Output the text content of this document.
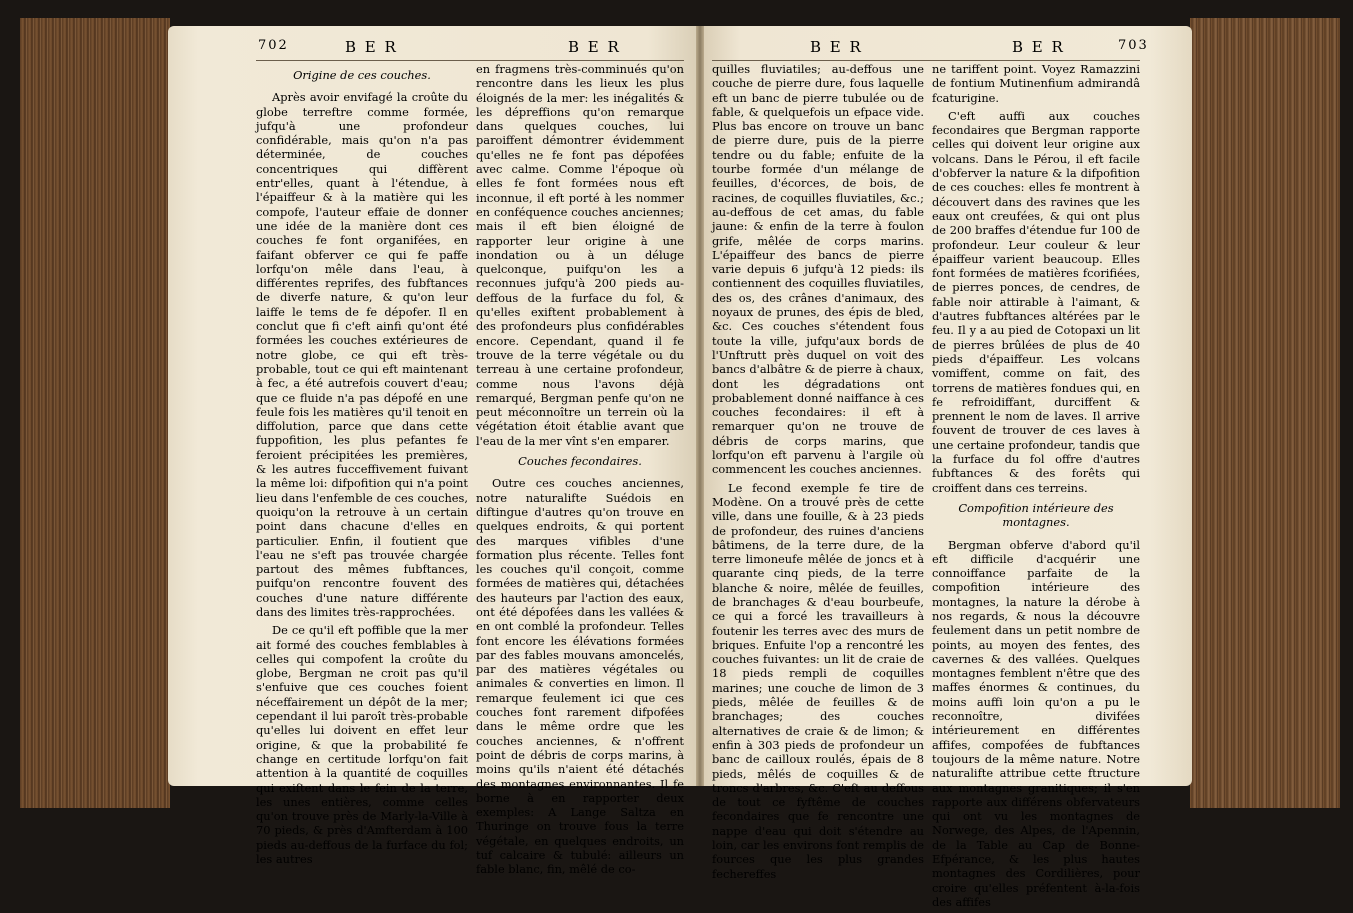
702	B E R	B E R	B E R	B E R	703

Origine de ces couches.

Après avoir envifagé la croûte du globe terreftre comme formée, jufqu'à une profondeur confidérable, mais qu'on n'a pas déterminée, de couches concentriques qui diffèrent entr'elles, quant à l'étendue, à l'épaiffeur & à la matière qui les compofe, l'auteur effaie de donner une idée de la manière dont ces couches fe font organifées, en faifant obferver ce qui fe paffe lorfqu'on mêle dans l'eau, à différentes reprifes, des fubftances de diverfe nature, & qu'on leur laiffe le tems de fe dépofer. Il en conclut que fi c'eft ainfi qu'ont été formées les couches extérieures de notre globe, ce qui eft très-probable, tout ce qui eft maintenant à fec, a été autrefois couvert d'eau; que ce fluide n'a pas dépofé en une feule fois les matières qu'il tenoit en diffolution, parce que dans cette fuppofition, les plus pefantes fe feroient précipitées les premières, & les autres fucceffivement fuivant la même loi: difpofition qui n'a point lieu dans l'enfemble de ces couches, quoiqu'on la retrouve à un certain point dans chacune d'elles en particulier. Enfin, il foutient que l'eau ne s'eft pas trouvée chargée partout des mêmes fubftances, puifqu'on rencontre fouvent des couches d'une nature différente dans des limites très-rapprochées.

De ce qu'il eft poffible que la mer ait formé des couches femblables à celles qui compofent la croûte du globe, Bergman ne croit pas qu'il s'enfuive que ces couches foient néceffairement un dépôt de la mer; cependant il lui paroît très-probable qu'elles lui doivent en effet leur origine, & que la probabilité fe change en certitude lorfqu'on fait attention à la quantité de coquilles qui exiftent dans le fein de la terre, les unes entières, comme celles qu'on trouve près de Marly-la-Ville à 70 pieds, & près d'Amfterdam à 100 pieds au-deffous de la furface du fol; les autres

en fragmens très-comminués qu'on rencontre dans les lieux les plus éloignés de la mer: les inégalités & les dépreffions qu'on remarque dans quelques couches, lui paroiffent démontrer évidemment qu'elles ne fe font pas dépofées avec calme. Comme l'époque où elles fe font formées nous eft inconnue, il eft porté à les nommer en conféquence couches anciennes; mais il eft bien éloigné de rapporter leur origine à une inondation ou à un déluge quelconque, puifqu'on les a reconnues jufqu'à 200 pieds au-deffous de la furface du fol, & qu'elles exiftent probablement à des profondeurs plus confidérables encore. Cependant, quand il fe trouve de la terre végétale ou du terreau à une certaine profondeur, comme nous l'avons déjà remarqué, Bergman penfe qu'on ne peut méconnoître un terrein où la végétation étoit établie avant que l'eau de la mer vînt s'en emparer.

Couches fecondaires.

Outre ces couches anciennes, notre naturalifte Suédois en diftingue d'autres qu'on trouve en quelques endroits, & qui portent des marques vifibles d'une formation plus récente. Telles font les couches qu'il conçoit, comme formées de matières qui, détachées des hauteurs par l'action des eaux, ont été dépofées dans les vallées & en ont comblé la profondeur. Telles font encore les élévations formées par des fables mouvans amoncelés, par des matières végétales ou animales & converties en limon. Il remarque feulement ici que ces couches font rarement difpofées dans le même ordre que les couches anciennes, & n'offrent point de débris de corps marins, à moins qu'ils n'aient été détachés des montagnes environnantes. Il fe borne à en rapporter deux exemples: A Lange Saltza en Thuringe on trouve fous la terre végétale, en quelques endroits, un tuf calcaire & tubulé: ailleurs un fable blanc, fin, mêlé de co-

quilles fluviatiles; au-deffous une couche de pierre dure, fous laquelle eft un banc de pierre tubulée ou de fable, & quelquefois un efpace vide. Plus bas encore on trouve un banc de pierre dure, puis de la pierre tendre ou du fable; enfuite de la tourbe formée d'un mélange de feuilles, d'écorces, de bois, de racines, de coquilles fluviatiles, &c.; au-deffous de cet amas, du fable jaune: & enfin de la terre à foulon grife, mêlée de corps marins. L'épaiffeur des bancs de pierre varie depuis 6 jufqu'à 12 pieds: ils contiennent des coquilles fluviatiles, des os, des crânes d'animaux, des noyaux de prunes, des épis de bled, &c. Ces couches s'étendent fous toute la ville, jufqu'aux bords de l'Unftrutt près duquel on voit des bancs d'albâtre & de pierre à chaux, dont les dégradations ont probablement donné naiffance à ces couches fecondaires: il eft à remarquer qu'on ne trouve de débris de corps marins, que lorfqu'on eft parvenu à l'argile où commencent les couches anciennes.

Le fecond exemple fe tire de Modène. On a trouvé près de cette ville, dans une fouille, & à 23 pieds de profondeur, des ruines d'anciens bâtimens, de la terre dure, de la terre limoneufe mêlée de joncs et à quarante cinq pieds, de la terre blanche & noire, mêlée de feuilles, de branchages & d'eau bourbeufe, ce qui a forcé les travailleurs à foutenir les terres avec des murs de briques. Enfuite l'op a rencontré les couches fuivantes: un lit de craie de 18 pieds rempli de coquilles marines; une couche de limon de 3 pieds, mêlée de feuilles & de branchages; des couches alternatives de craie & de limon; & enfin à 303 pieds de profondeur un banc de cailloux roulés, épais de 8 pieds, mêlés de coquilles & de troncs d'arbres, &c. C'eft au deffous de tout ce fyftême de couches fecondaires que fe rencontre une nappe d'eau qui doit s'étendre au loin, car les environs font remplis de fources que les plus grandes fechereffes

ne tariffent point. Voyez Ramazzini de fontium Mutinenfium admirandâ fcaturigine.

C'eft auffi aux couches fecondaires que Bergman rapporte celles qui doivent leur origine aux volcans. Dans le Pérou, il eft facile d'obferver la nature & la difpofition de ces couches: elles fe montrent à découvert dans des ravines que les eaux ont creufées, & qui ont plus de 200 braffes d'étendue fur 100 de profondeur. Leur couleur & leur épaiffeur varient beaucoup. Elles font formées de matières fcorifiées, de pierres ponces, de cendres, de fable noir attirable à l'aimant, & d'autres fubftances altérées par le feu. Il y a au pied de Cotopaxi un lit de pierres brûlées de plus de 40 pieds d'épaiffeur. Les volcans vomiffent, comme on fait, des torrens de matières fondues qui, en fe refroidiffant, durciffent & prennent le nom de laves. Il arrive fouvent de trouver de ces laves à une certaine profondeur, tandis que la furface du fol offre d'autres fubftances & des forêts qui croiffent dans ces terreins.

Compofition intérieure des montagnes.

Bergman obferve d'abord qu'il eft difficile d'acquérir une connoiffance parfaite de la compofition intérieure des montagnes, la nature la dérobe à nos regards, & nous la découvre feulement dans un petit nombre de points, au moyen des fentes, des cavernes & des vallées. Quelques montagnes femblent n'être que des maffes énormes & continues, du moins auffi loin qu'on a pu le reconnoître, divifées intérieurement en différentes affifes, compofées de fubftances toujours de la même nature. Notre naturalifte attribue cette ftructure aux montagnes granitiques; il s'en rapporte aux différens obfervateurs qui ont vu les montagnes de Norwege, des Alpes, de l'Apennin, de la Table au Cap de Bonne-Efpérance, & les plus hautes montagnes des Cordilières, pour croire qu'elles préfentent à-la-fois des affifes
